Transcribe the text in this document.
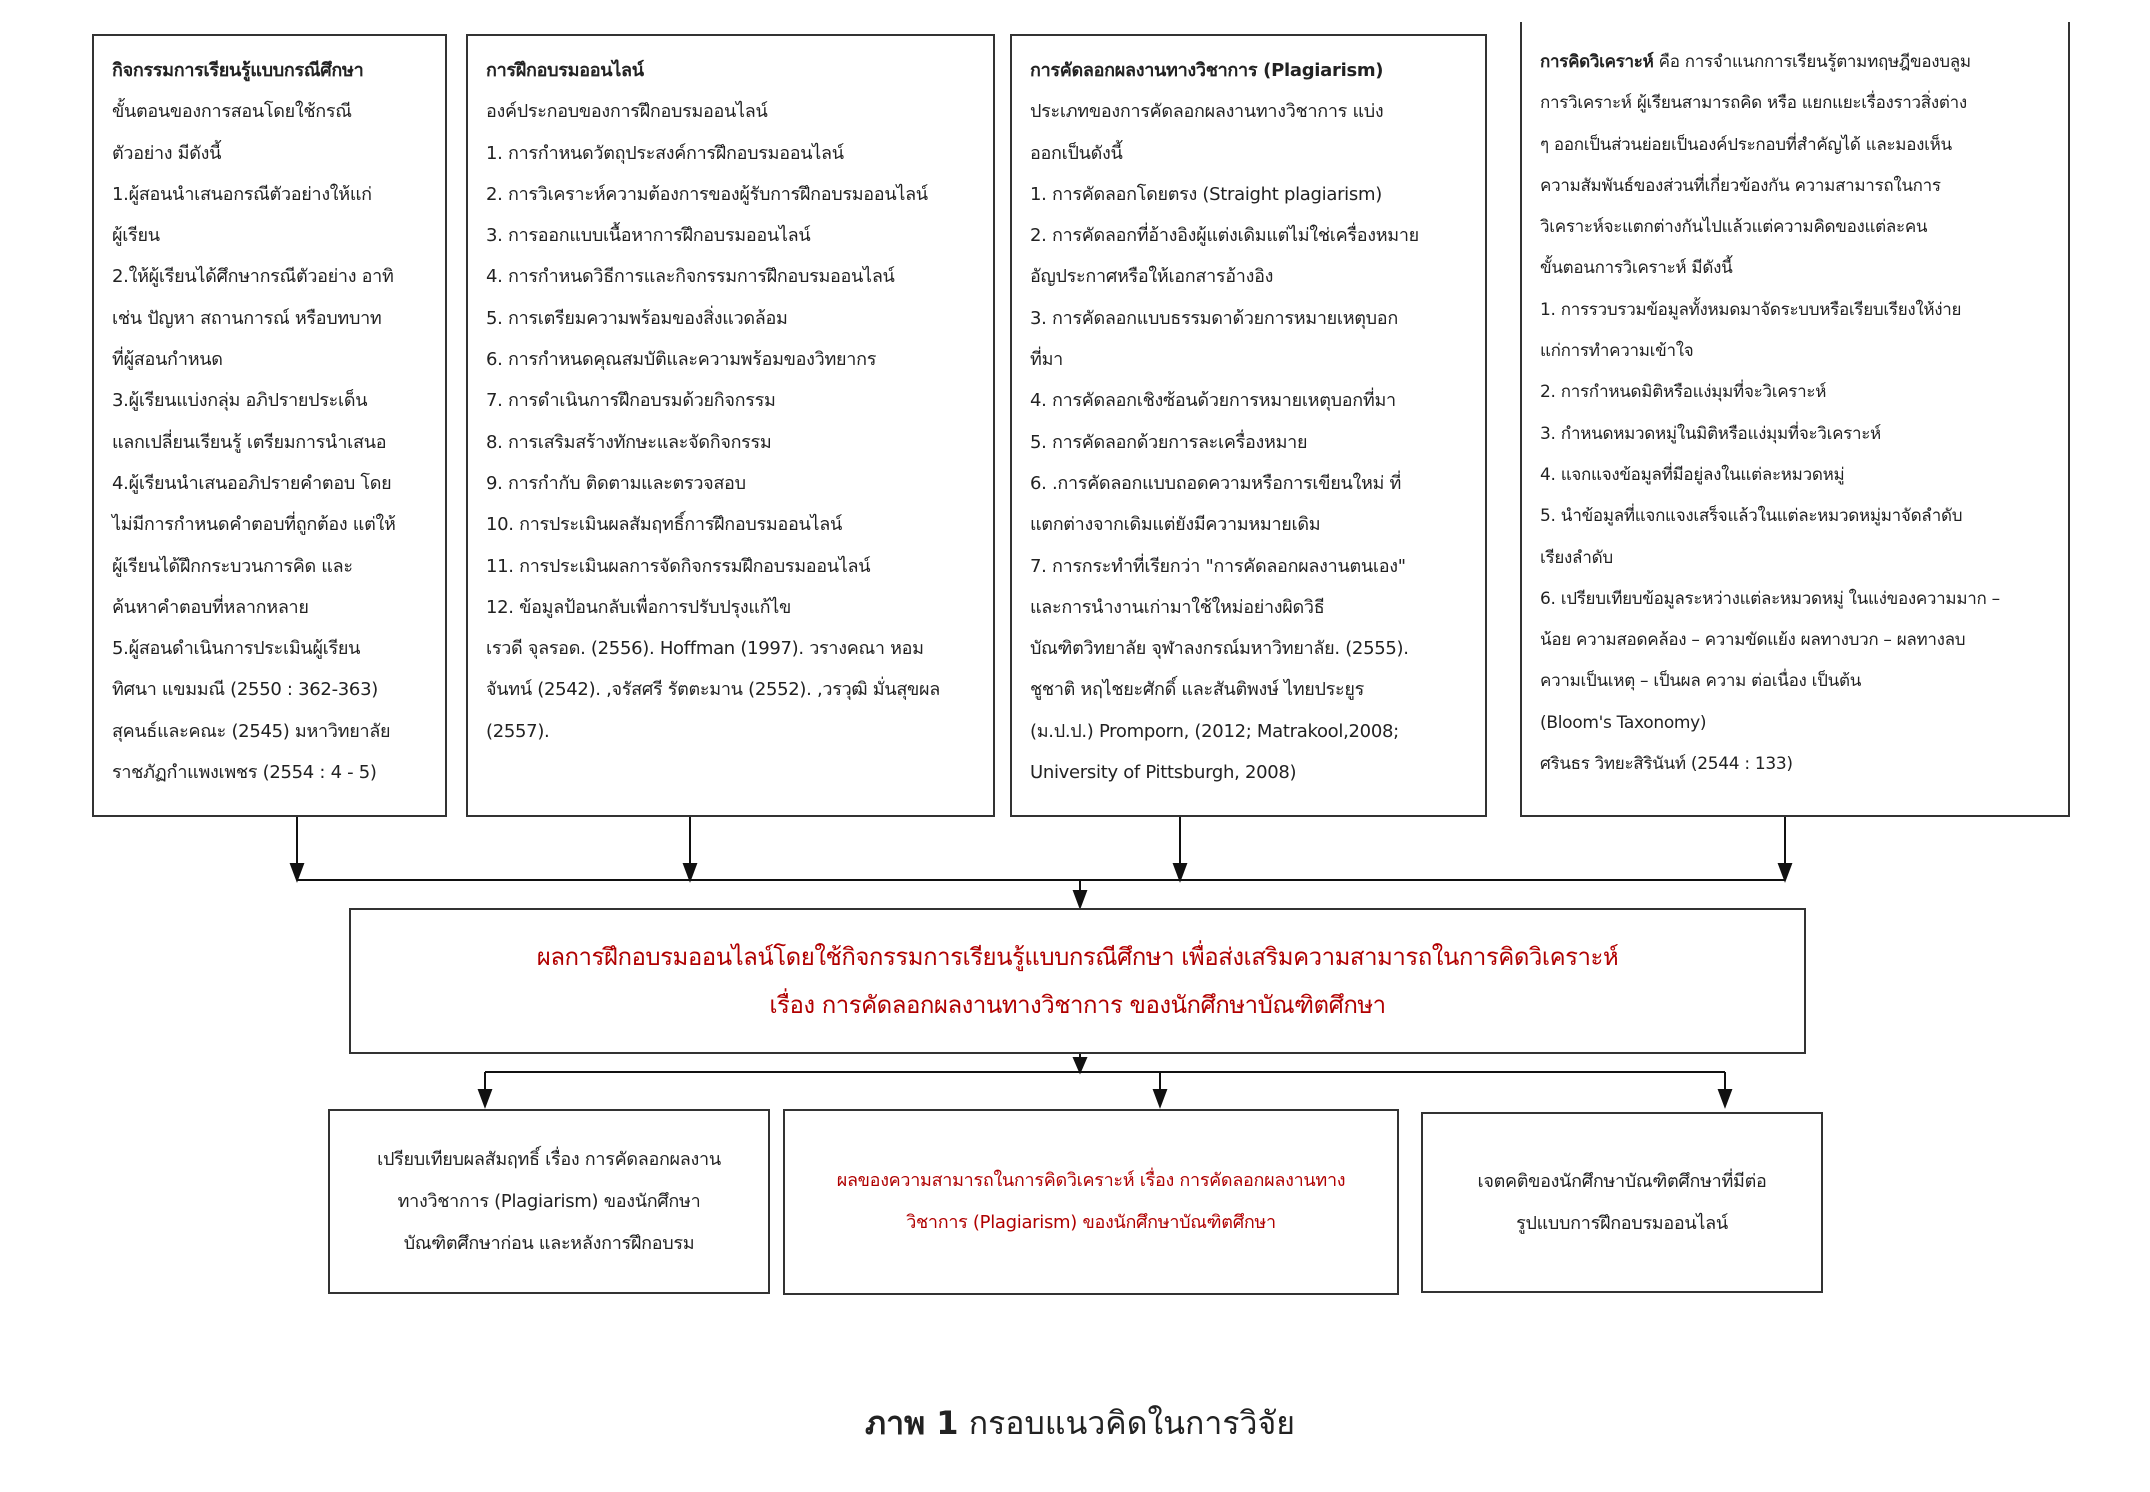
กิจกรรมการเรียนรู้แบบกรณีศึกษา
ขั้นตอนของการสอนโดยใช้กรณี
ตัวอย่าง มีดังนี้
1.ผู้สอนนำเสนอกรณีตัวอย่างให้แก่
ผู้เรียน
2.ให้ผู้เรียนได้ศึกษากรณีตัวอย่าง อาทิ
เช่น ปัญหา สถานการณ์ หรือบทบาท
ที่ผู้สอนกำหนด
3.ผู้เรียนแบ่งกลุ่ม อภิปรายประเด็น
แลกเปลี่ยนเรียนรู้ เตรียมการนำเสนอ
4.ผู้เรียนนำเสนออภิปรายคำตอบ โดย
ไม่มีการกำหนดคำตอบที่ถูกต้อง แต่ให้
ผู้เรียนได้ฝึกกระบวนการคิด และ
ค้นหาคำตอบที่หลากหลาย
5.ผู้สอนดำเนินการประเมินผู้เรียน
ทิศนา แขมมณี (2550 : 362-363)
สุคนธ์และคณะ (2545) มหาวิทยาลัย
ราชภัฏกำแพงเพชร (2554 : 4 - 5)
การฝึกอบรมออนไลน์
องค์ประกอบของการฝึกอบรมออนไลน์
1. การกำหนดวัตถุประสงค์การฝึกอบรมออนไลน์
2. การวิเคราะห์ความต้องการของผู้รับการฝึกอบรมออนไลน์
3. การออกแบบเนื้อหาการฝึกอบรมออนไลน์
4. การกำหนดวิธีการและกิจกรรมการฝึกอบรมออนไลน์
5. การเตรียมความพร้อมของสิ่งแวดล้อม
6. การกำหนดคุณสมบัติและความพร้อมของวิทยากร
7. การดำเนินการฝึกอบรมด้วยกิจกรรม
8. การเสริมสร้างทักษะและจัดกิจกรรม
9. การกำกับ ติดตามและตรวจสอบ
10. การประเมินผลสัมฤทธิ์การฝึกอบรมออนไลน์
11. การประเมินผลการจัดกิจกรรมฝึกอบรมออนไลน์
12. ข้อมูลป้อนกลับเพื่อการปรับปรุงแก้ไข
เรวดี จุลรอด. (2556). Hoffman (1997). วรางคณา หอม
จันทน์ (2542). ,จรัสศรี รัตตะมาน (2552). ,วรวุฒิ มั่นสุขผล
(2557).
การคัดลอกผลงานทางวิชาการ (Plagiarism)
ประเภทของการคัดลอกผลงานทางวิชาการ แบ่ง
ออกเป็นดังนี้
1. การคัดลอกโดยตรง (Straight plagiarism)
2. การคัดลอกที่อ้างอิงผู้แต่งเดิมแต่ไม่ใช่เครื่องหมาย
อัญประกาศหรือให้เอกสารอ้างอิง
3. การคัดลอกแบบธรรมดาด้วยการหมายเหตุบอก
ที่มา
4. การคัดลอกเชิงซ้อนด้วยการหมายเหตุบอกที่มา
5. การคัดลอกด้วยการละเครื่องหมาย
6. .การคัดลอกแบบถอดความหรือการเขียนใหม่ ที่
แตกต่างจากเดิมแต่ยังมีความหมายเดิม
7. การกระทำที่เรียกว่า "การคัดลอกผลงานตนเอง"
และการนำงานเก่ามาใช้ใหม่อย่างผิดวิธี
บัณฑิตวิทยาลัย จุฬาลงกรณ์มหาวิทยาลัย. (2555).
ชูชาติ หฤไชยะศักดิ์ และสันติพงษ์ ไทยประยูร
(ม.ป.ป.) Promporn, (2012; Matrakool,2008;
University of Pittsburgh, 2008)
การคิดวิเคราะห์ คือ การจำแนกการเรียนรู้ตามทฤษฎีของบลูม
การวิเคราะห์ ผู้เรียนสามารถคิด หรือ แยกแยะเรื่องราวสิ่งต่าง
ๆ ออกเป็นส่วนย่อยเป็นองค์ประกอบที่สำคัญได้ และมองเห็น
ความสัมพันธ์ของส่วนที่เกี่ยวข้องกัน ความสามารถในการ
วิเคราะห์จะแตกต่างกันไปแล้วแต่ความคิดของแต่ละคน
ขั้นตอนการวิเคราะห์ มีดังนี้
1. การรวบรวมข้อมูลทั้งหมดมาจัดระบบหรือเรียบเรียงให้ง่าย
แก่การทำความเข้าใจ
2. การกำหนดมิติหรือแง่มุมที่จะวิเคราะห์
3. กำหนดหมวดหมู่ในมิติหรือแง่มุมที่จะวิเคราะห์
4. แจกแจงข้อมูลที่มีอยู่ลงในแต่ละหมวดหมู่
5. นำข้อมูลที่แจกแจงเสร็จแล้วในแต่ละหมวดหมู่มาจัดลำดับ
เรียงลำดับ
6. เปรียบเทียบข้อมูลระหว่างแต่ละหมวดหมู่ ในแง่ของความมาก –
น้อย ความสอดคล้อง – ความขัดแย้ง ผลทางบวก – ผลทางลบ
ความเป็นเหตุ – เป็นผล ความ ต่อเนื่อง เป็นต้น
(Bloom's Taxonomy)
ศรินธร วิทยะสิรินันท์ (2544 : 133)
ผลการฝึกอบรมออนไลน์โดยใช้กิจกรรมการเรียนรู้แบบกรณีศึกษา เพื่อส่งเสริมความสามารถในการคิดวิเคราะห์
เรื่อง การคัดลอกผลงานทางวิชาการ ของนักศึกษาบัณฑิตศึกษา
เปรียบเทียบผลสัมฤทธิ์ เรื่อง การคัดลอกผลงาน
ทางวิชาการ (Plagiarism) ของนักศึกษา
บัณฑิตศึกษาก่อน และหลังการฝึกอบรม
ผลของความสามารถในการคิดวิเคราะห์ เรื่อง การคัดลอกผลงานทาง
วิชาการ (Plagiarism) ของนักศึกษาบัณฑิตศึกษา
เจตคติของนักศึกษาบัณฑิตศึกษาที่มีต่อ
รูปแบบการฝึกอบรมออนไลน์
ภาพ 1 กรอบแนวคิดในการวิจัย
